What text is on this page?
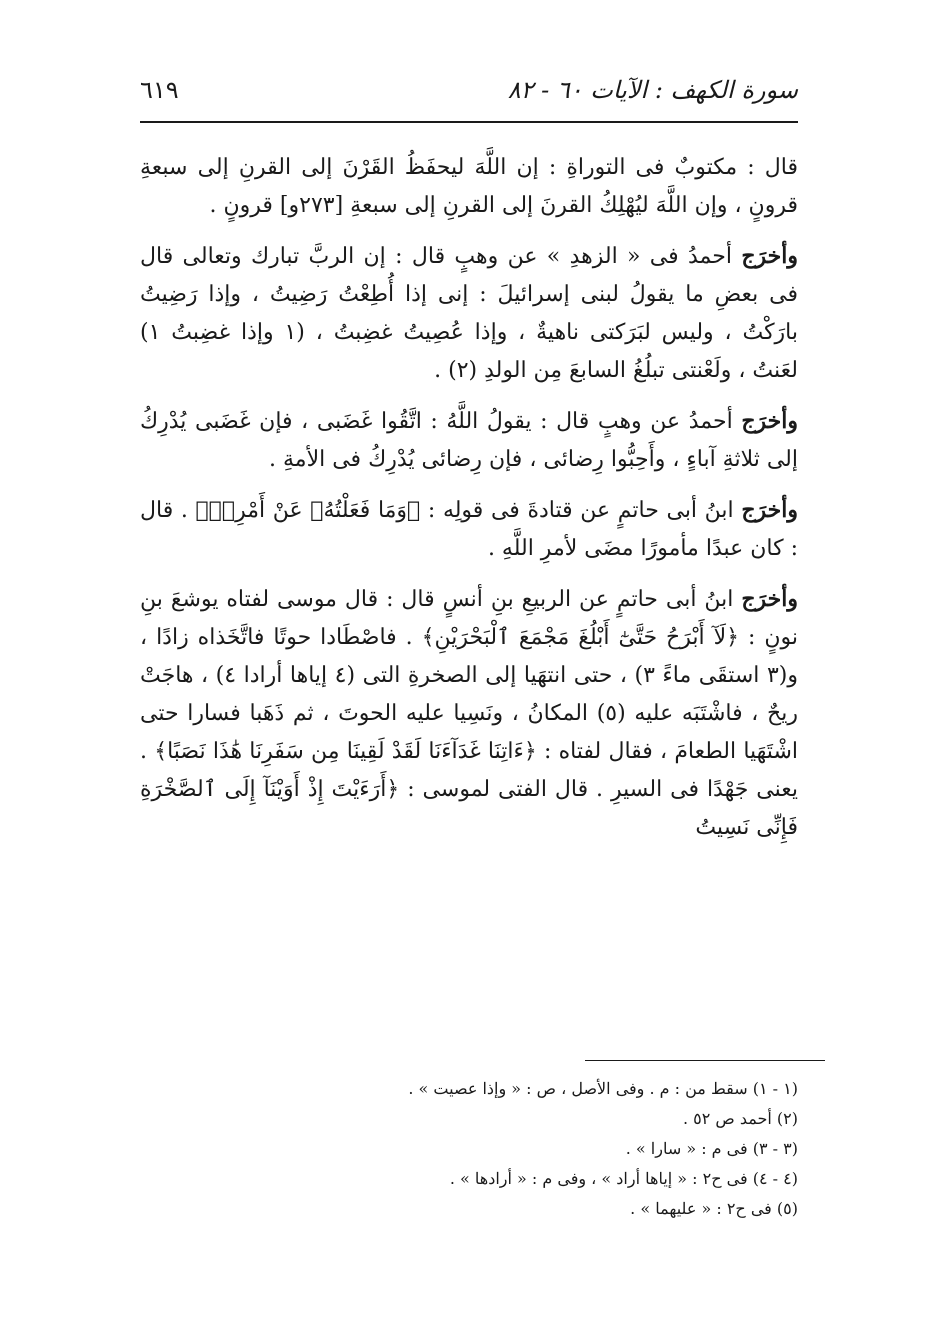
سورة الكهف : الآيات ٦٠ - ٨٢
٦١٩

قال : مكتوبٌ فى التوراةِ : إن اللَّهَ ليحفَظُ القَرْنَ إلى القرنِ إلى سبعةِ قرونٍ ، وإن اللَّهَ ليُهْلِكُ القرنَ إلى القرنِ إلى سبعةِ [٢٧٣و] قرونٍ .

وأخرَج أحمدُ فى « الزهدِ » عن وهبٍ قال : إن الربَّ تبارك وتعالى قال فى بعضِ ما يقولُ لبنى إسرائيلَ : إنى إذا أُطِعْتُ رَضِيتُ ، وإذا رَضِيتُ بارَكْتُ ، وليس لبَرَكتى ناهيةٌ ، وإذا عُصِيتُ غضِبتُ ، (١ وإذا غضِبتُ ١) لعَنتُ ، ولَعْنتى تبلُغُ السابعَ مِن الولدِ (٢) .

وأخرَج أحمدُ عن وهبٍ قال : يقولُ اللَّهُ : اتَّقُوا غَضَبى ، فإن غَضَبى يُدْرِكُ إلى ثلاثةِ آباءٍ ، وأَحِبُّوا رِضائى ، فإن رِضائى يُدْرِكُ فى الأمةِ .

وأخرَج ابنُ أبى حاتمٍ عن قتادةَ فى قولِه : ﴿وَمَا فَعَلْتُهُۥ عَنْ أَمْرِىۚ﴾ . قال : كان عبدًا مأمورًا مضَى لأمرِ اللَّهِ .

وأخرَج ابنُ أبى حاتمٍ عن الربيعِ بنِ أنسٍ قال : قال موسى لفتاه يوشعَ بنِ نونٍ : ﴿لَآ أَبْرَحُ حَتَّىٰٓ أَبْلُغَ مَجْمَعَ ٱلْبَحْرَيْنِ﴾ . فاصْطَادا حوتًا فاتَّخَذاه زادًا ، و(٣ استقَى ماءً ٣) ، حتى انتهَيا إلى الصخرةِ التى (٤ إياها أرادا ٤) ، هاجَتْ ريحٌ ، فاشْتَبَه عليه (٥) المكانُ ، ونَسِيا عليه الحوتَ ، ثم ذَهَبا فسارا حتى اشْتَهَيا الطعامَ ، فقال لفتاه : ﴿ءَاتِنَا غَدَآءَنَا لَقَدْ لَقِينَا مِن سَفَرِنَا هَٰذَا نَصَبًا﴾ . يعنى جَهْدًا فى السيرِ . قال الفتى لموسى : ﴿أَرَءَيْتَ إِذْ أَوَيْنَآ إِلَى ٱلصَّخْرَةِ فَإِنِّى نَسِيتُ

(١ - ١) سقط من : م . وفى الأصل ، ص : « وإذا عصيت » .

(٢) أحمد ص ٥٢ .

(٣ - ٣) فى م : « سارا » .

(٤ - ٤) فى ح٢ : « إياها أراد » ، وفى م : « أرادها » .

(٥) فى ح٢ : « عليهما » .
